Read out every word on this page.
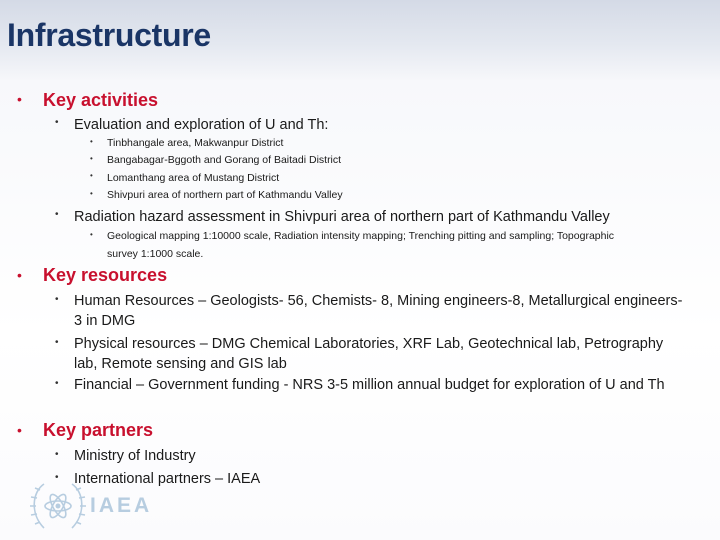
Infrastructure
• Key activities
• Evaluation and exploration of U and Th:
• Tinbhangale area, Makwanpur District
• Bangabagar-Bggoth and Gorang of Baitadi District
• Lomanthang area of Mustang District
• Shivpuri area of northern part of Kathmandu Valley
• Radiation hazard assessment in Shivpuri area of northern part of Kathmandu Valley
• Geological mapping 1:10000 scale, Radiation intensity mapping; Trenching pitting and sampling; Topographic survey 1:1000 scale.
• Key resources
• Human Resources – Geologists- 56, Chemists- 8, Mining engineers-8, Metallurgical engineers-3 in DMG
• Physical resources – DMG Chemical Laboratories, XRF Lab, Geotechnical lab, Petrography lab, Remote sensing and GIS lab
• Financial – Government funding - NRS 3-5 million annual budget for exploration of U and Th
• Key partners
• Ministry of Industry
• International partners – IAEA
IAEA
